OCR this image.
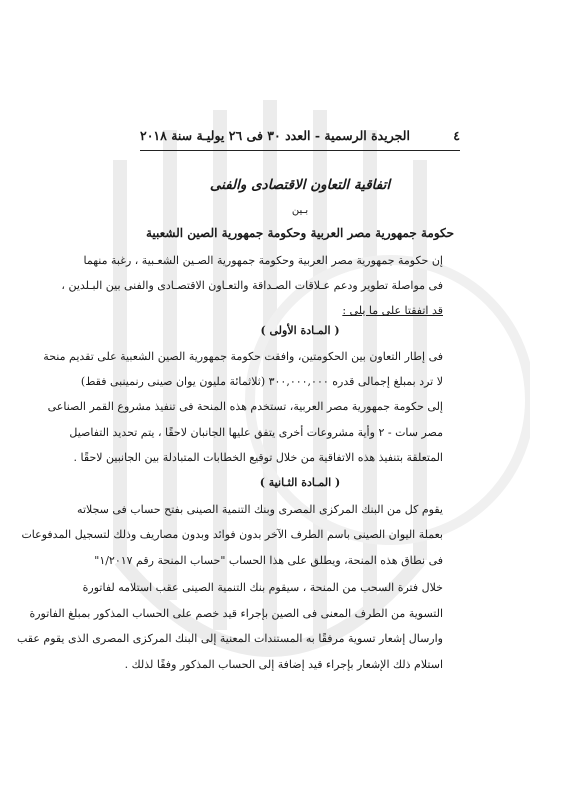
٤
الجريدة الرسمية - العدد ٣٠ فى ٢٦ يوليـة سنة ٢٠١٨
اتفاقية التعاون الاقتصادى والفنى
بـين
حكومة جمهورية مصر العربية وحكومة جمهورية الصين الشعبية
إن حكومة جمهورية مصر العربية وحكومة جمهورية الصـين الشعـبية ، رغبة منهما
فى مواصلة تطوير ودعم عـلاقات الصـداقة والتعـاون الاقتصـادى والفنى بين البـلدين ،
قد اتفقتا على ما يلى :
( المـادة الأولى )
فى إطار التعاون بين الحكومتين، وافقت حكومة جمهورية الصين الشعبية على تقديم منحة
لا ترد بمبلغ إجمالى قدره ٣٠٠,٠٠٠,٠٠٠ (ثلاثمائة مليون يوان صينى رنمينبى فقط)
إلى حكومة جمهورية مصر العربية، تستخدم هذه المنحة فى تنفيذ مشروع القمر الصناعى
مصر سات - ٢ وأية مشروعات أخرى يتفق عليها الجانبان لاحقًا ، يتم تحديد التفاصيل
المتعلقة بتنفيذ هذه الاتفاقية من خلال توقيع الخطابات المتبادلة بين الجانبين لاحقًا .
( المـادة الثـانية )
يقوم كل من البنك المركزى المصرى وبنك التنمية الصينى بفتح حساب فى سجلاته
بعملة اليوان الصينى باسم الطرف الآخر بدون فوائد وبدون مصاريف وذلك لتسجيل المدفوعات
فى نطاق هذه المنحة، ويطلق على هذا الحساب "حساب المنحة رقم ١/٢٠١٧"
خلال فترة السحب من المنحة ، سيقوم بنك التنمية الصينى عقب استلامه لفاتورة
التسوية من الطرف المعنى فى الصين بإجراء قيد خصم على الحساب المذكور بمبلغ الفاتورة
وارسال إشعار تسوية مرفقًا به المستندات المعنية إلى البنك المركزى المصرى الذى يقوم عقب
استلام ذلك الإشعار بإجراء قيد إضافة إلى الحساب المذكور وفقًا لذلك .
